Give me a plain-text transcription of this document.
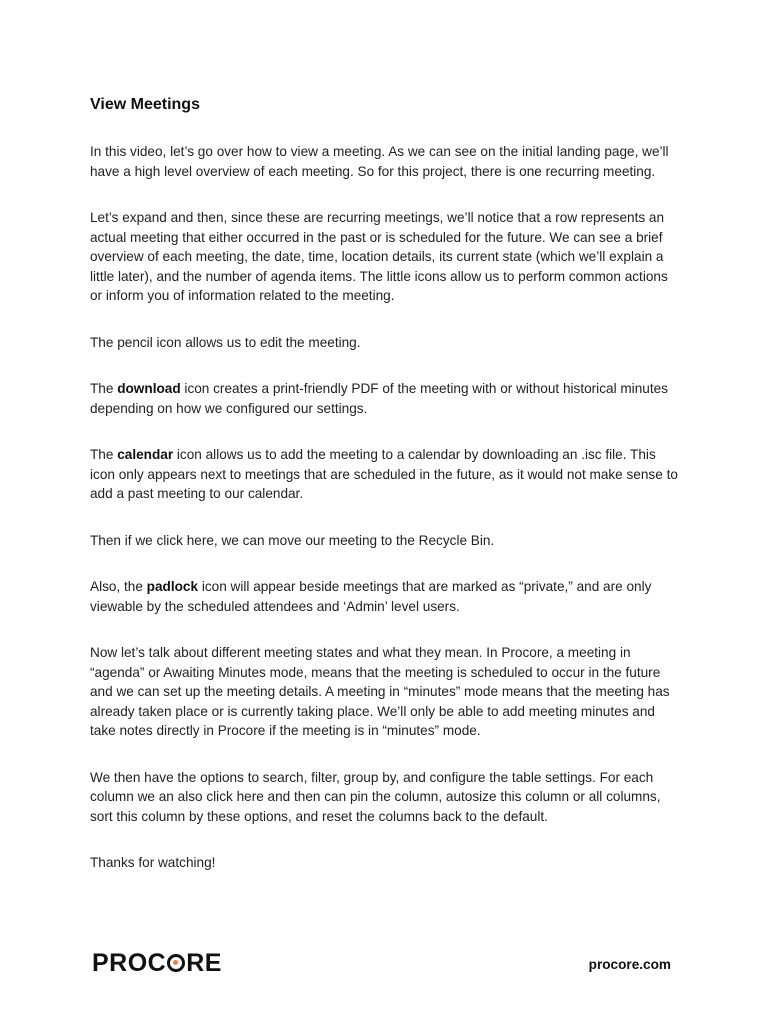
View Meetings

In this video, let’s go over how to view a meeting. As we can see on the initial landing page, we’ll have a high level overview of each meeting. So for this project, there is one recurring meeting.

Let’s expand and then, since these are recurring meetings, we’ll notice that a row represents an actual meeting that either occurred in the past or is scheduled for the future. We can see a brief overview of each meeting, the date, time, location details, its current state (which we’ll explain a little later), and the number of agenda items. The little icons allow us to perform common actions or inform you of information related to the meeting.

The pencil icon allows us to edit the meeting.

The download icon creates a print-friendly PDF of the meeting with or without historical minutes depending on how we configured our settings.

The calendar icon allows us to add the meeting to a calendar by downloading an .isc file. This icon only appears next to meetings that are scheduled in the future, as it would not make sense to add a past meeting to our calendar.

Then if we click here, we can move our meeting to the Recycle Bin.

Also, the padlock icon will appear beside meetings that are marked as “private,” and are only viewable by the scheduled attendees and ‘Admin’ level users.

Now let’s talk about different meeting states and what they mean. In Procore, a meeting in “agenda” or Awaiting Minutes mode, means that the meeting is scheduled to occur in the future and we can set up the meeting details. A meeting in “minutes” mode means that the meeting has already taken place or is currently taking place. We’ll only be able to add meeting minutes and take notes directly in Procore if the meeting is in “minutes” mode.

We then have the options to search, filter, group by, and configure the table settings. For each column we an also click here and then can pin the column, autosize this column or all columns, sort this column by these options, and reset the columns back to the default.

Thanks for watching!

PROC RE	procore.com
